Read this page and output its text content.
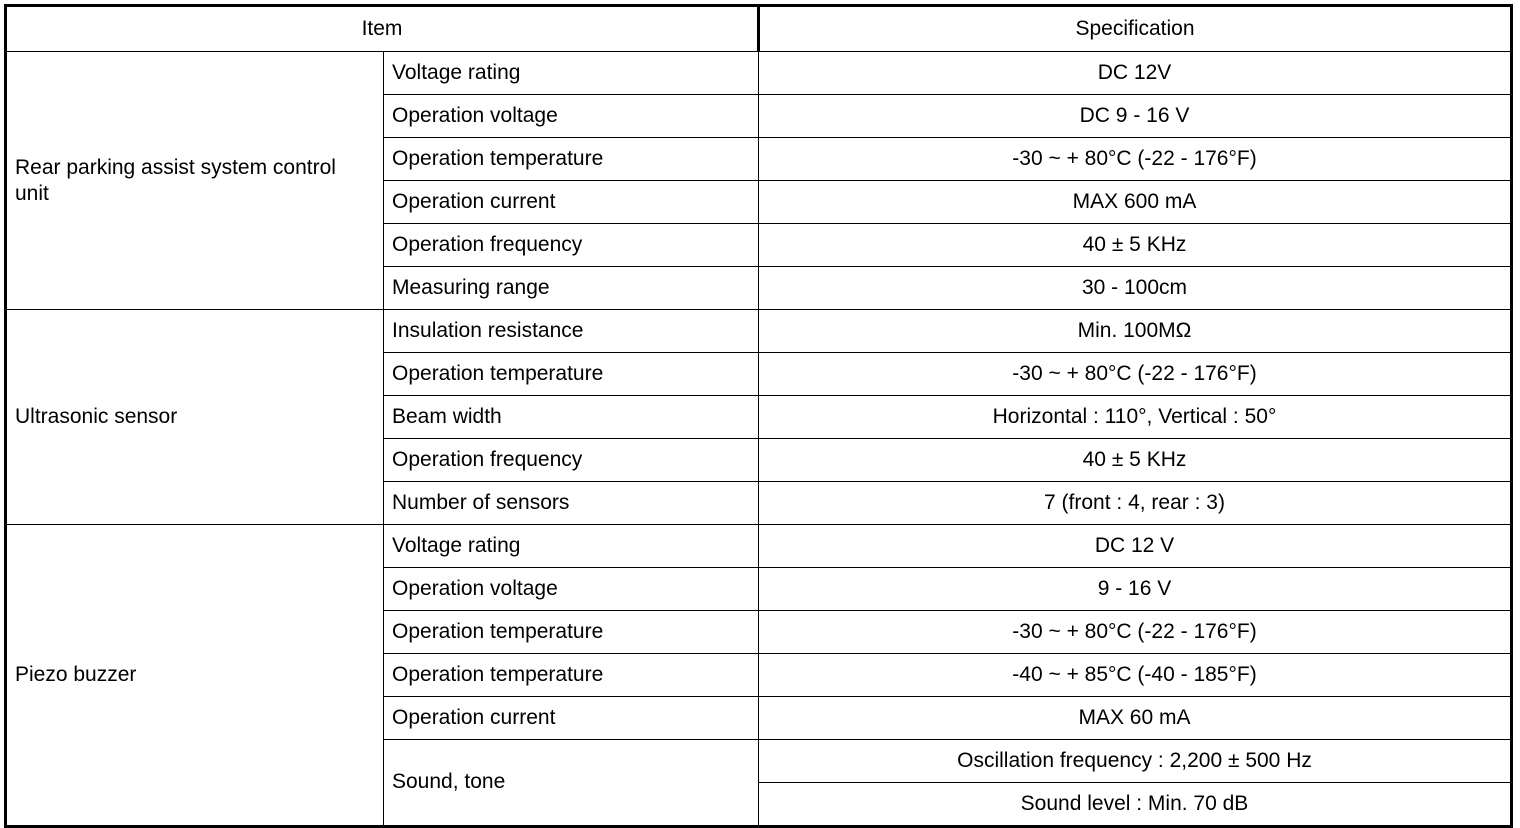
Item		Specification

Rear parking assist system control unit	Voltage rating	DC 12V
	Operation voltage	DC 9 - 16 V
	Operation temperature	-30 ~ + 80°C (-22 - 176°F)
	Operation current	MAX 600 mA
	Operation frequency	40 ± 5 KHz
	Measuring range	30 - 100cm

Ultrasonic sensor	Insulation resistance	Min. 100MΩ
	Operation temperature	-30 ~ + 80°C (-22 - 176°F)
	Beam width	Horizontal : 110°, Vertical : 50°
	Operation frequency	40 ± 5 KHz
	Number of sensors	7 (front : 4, rear : 3)

Piezo buzzer	Voltage rating	DC 12 V
	Operation voltage	9 - 16 V
	Operation temperature	-30 ~ + 80°C (-22 - 176°F)
	Operation temperature	-40 ~ + 85°C (-40 - 185°F)
	Operation current	MAX 60 mA
	Sound, tone	Oscillation frequency : 2,200 ± 500 Hz
		Sound level : Min. 70 dB
